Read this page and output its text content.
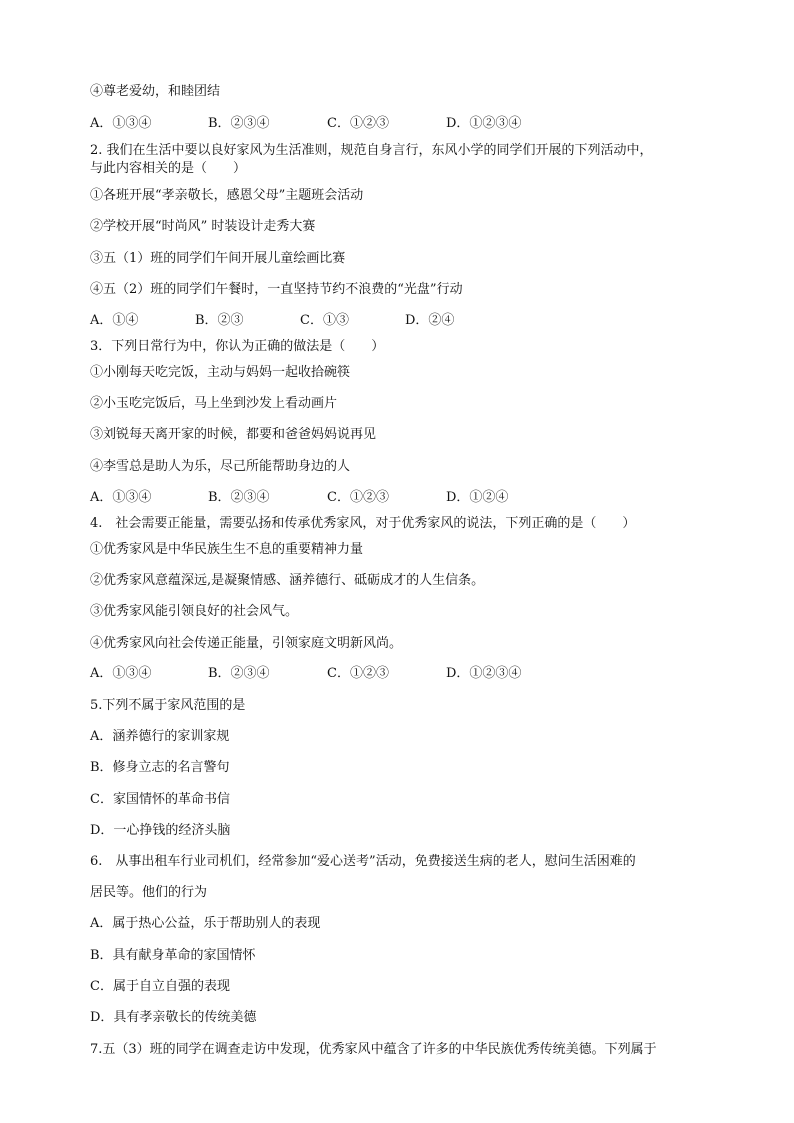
④尊老爱幼，和睦团结
A．①③④	B．②③④	C．①②③	D．①②③④
2. 我们在生活中要以良好家风为生活准则，规范自身言行，东风小学的同学们开展的下列活动中，
与此内容相关的是（　　）
①各班开展“孝亲敬长，感恩父母”主题班会活动
②学校开展“时尚风” 时装设计走秀大赛
③五（1）班的同学们午间开展儿童绘画比赛
④五（2）班的同学们午餐时，一直坚持节约不浪费的“光盘”行动
A．①④	B．②③	C．①③	D．②④
3．下列日常行为中，你认为正确的做法是（　　）
①小刚每天吃完饭，主动与妈妈一起收拾碗筷
②小玉吃完饭后，马上坐到沙发上看动画片
③刘锐每天离开家的时候，都要和爸爸妈妈说再见
④李雪总是助人为乐，尽己所能帮助身边的人
A．①③④	B．②③④	C．①②③	D．①②④
4.　社会需要正能量，需要弘扬和传承优秀家风，对于优秀家风的说法，下列正确的是（　　）
①优秀家风是中华民族生生不息的重要精神力量
②优秀家风意蕴深远,是凝聚情感、涵养德行、砥砺成才的人生信条。
③优秀家风能引领良好的社会风气。
④优秀家风向社会传递正能量，引领家庭文明新风尚。
A．①③④	B．②③④	C．①②③	D．①②③④
5.下列不属于家风范围的是
A．涵养德行的家训家规
B．修身立志的名言警句
C．家国情怀的革命书信
D．一心挣钱的经济头脑
6.　从事出租车行业司机们，经常参加“爱心送考”活动，免费接送生病的老人，慰问生活困难的
居民等。他们的行为
A．属于热心公益，乐于帮助别人的表现
B．具有献身革命的家国情怀
C．属于自立自强的表现
D．具有孝亲敬长的传统美德
7.五（3）班的同学在调查走访中发现，优秀家风中蕴含了许多的中华民族优秀传统美德。下列属于
